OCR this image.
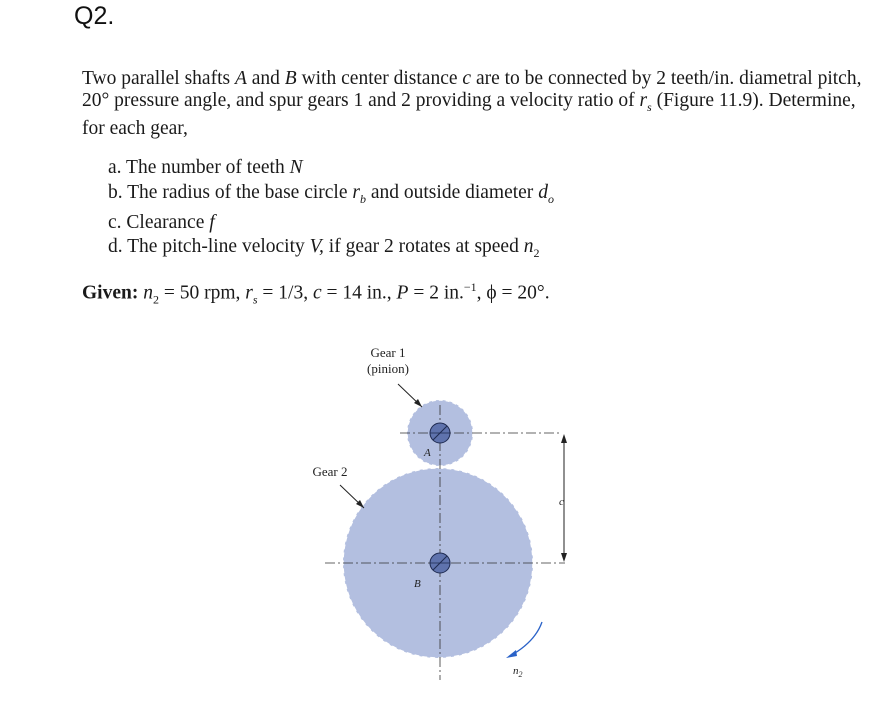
Q2.
Two parallel shafts A and B with center distance c are to be connected by 2 teeth/in. diametral pitch, 20° pressure angle, and spur gears 1 and 2 providing a velocity ratio of $r_s$ (Figure 11.9). Determine, for each gear,
a. The number of teeth N
b. The radius of the base circle $r_b$ and outside diameter $d_o$
c. Clearance f
d. The pitch-line velocity V, if gear 2 rotates at speed $n_2$
Given: $n_2 = 50$ rpm, $r_s = 1/3$, c = 14 in., P = 2 in.$^{-1}$, ϕ = 20°.
Gear 1
(pinion)
Gear 2
A
B
c
$n_2$
